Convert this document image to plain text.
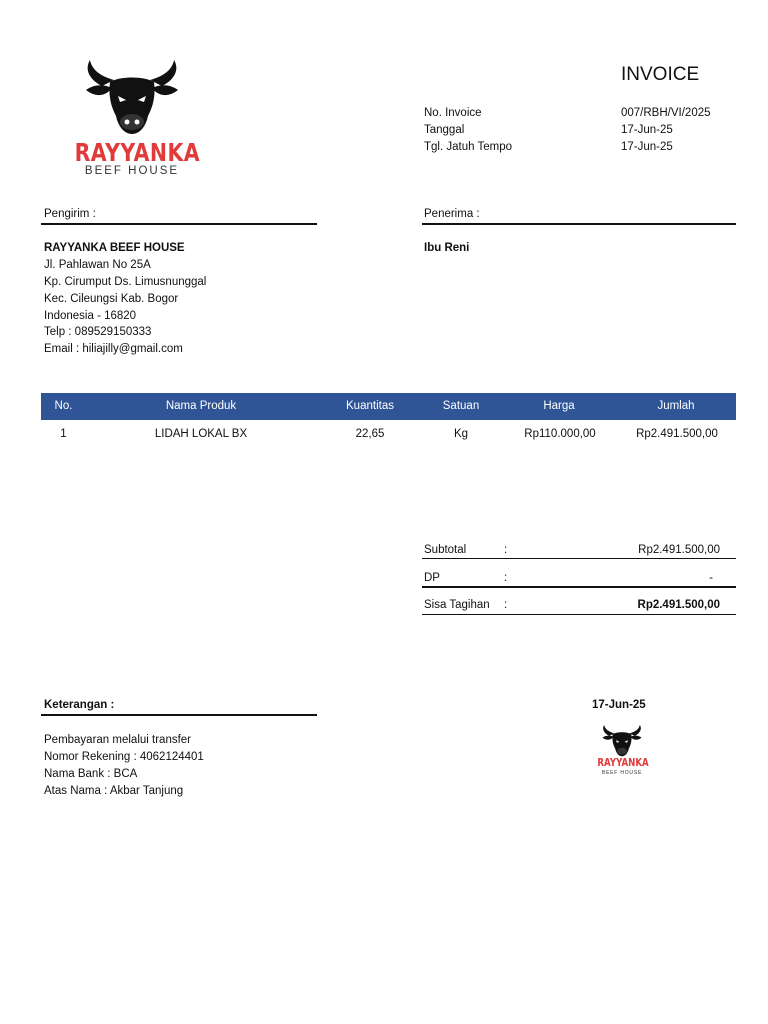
RAYYANKA
BEEF HOUSE
INVOICE
No. Invoice	007/RBH/VI/2025
Tanggal	17-Jun-25
Tgl. Jatuh Tempo	17-Jun-25
Pengirim :
RAYYANKA BEEF HOUSE
Jl. Pahlawan No 25A
Kp. Cirumput Ds. Limusnunggal
Kec. Cileungsi Kab. Bogor
Indonesia - 16820
Telp : 089529150333
Email : hiliajilly@gmail.com
Penerima :
Ibu Reni
No.	Nama Produk	Kuantitas	Satuan	Harga	Jumlah
1	LIDAH LOKAL BX	22,65	Kg	Rp110.000,00	Rp2.491.500,00
Subtotal	:	Rp2.491.500,00
DP	:	-
Sisa Tagihan :	Rp2.491.500,00
Keterangan :
Pembayaran melalui transfer
Nomor Rekening : 4062124401
Nama Bank : BCA
Atas Nama : Akbar Tanjung
17-Jun-25
RAYYANKA
BEEF HOUSE
